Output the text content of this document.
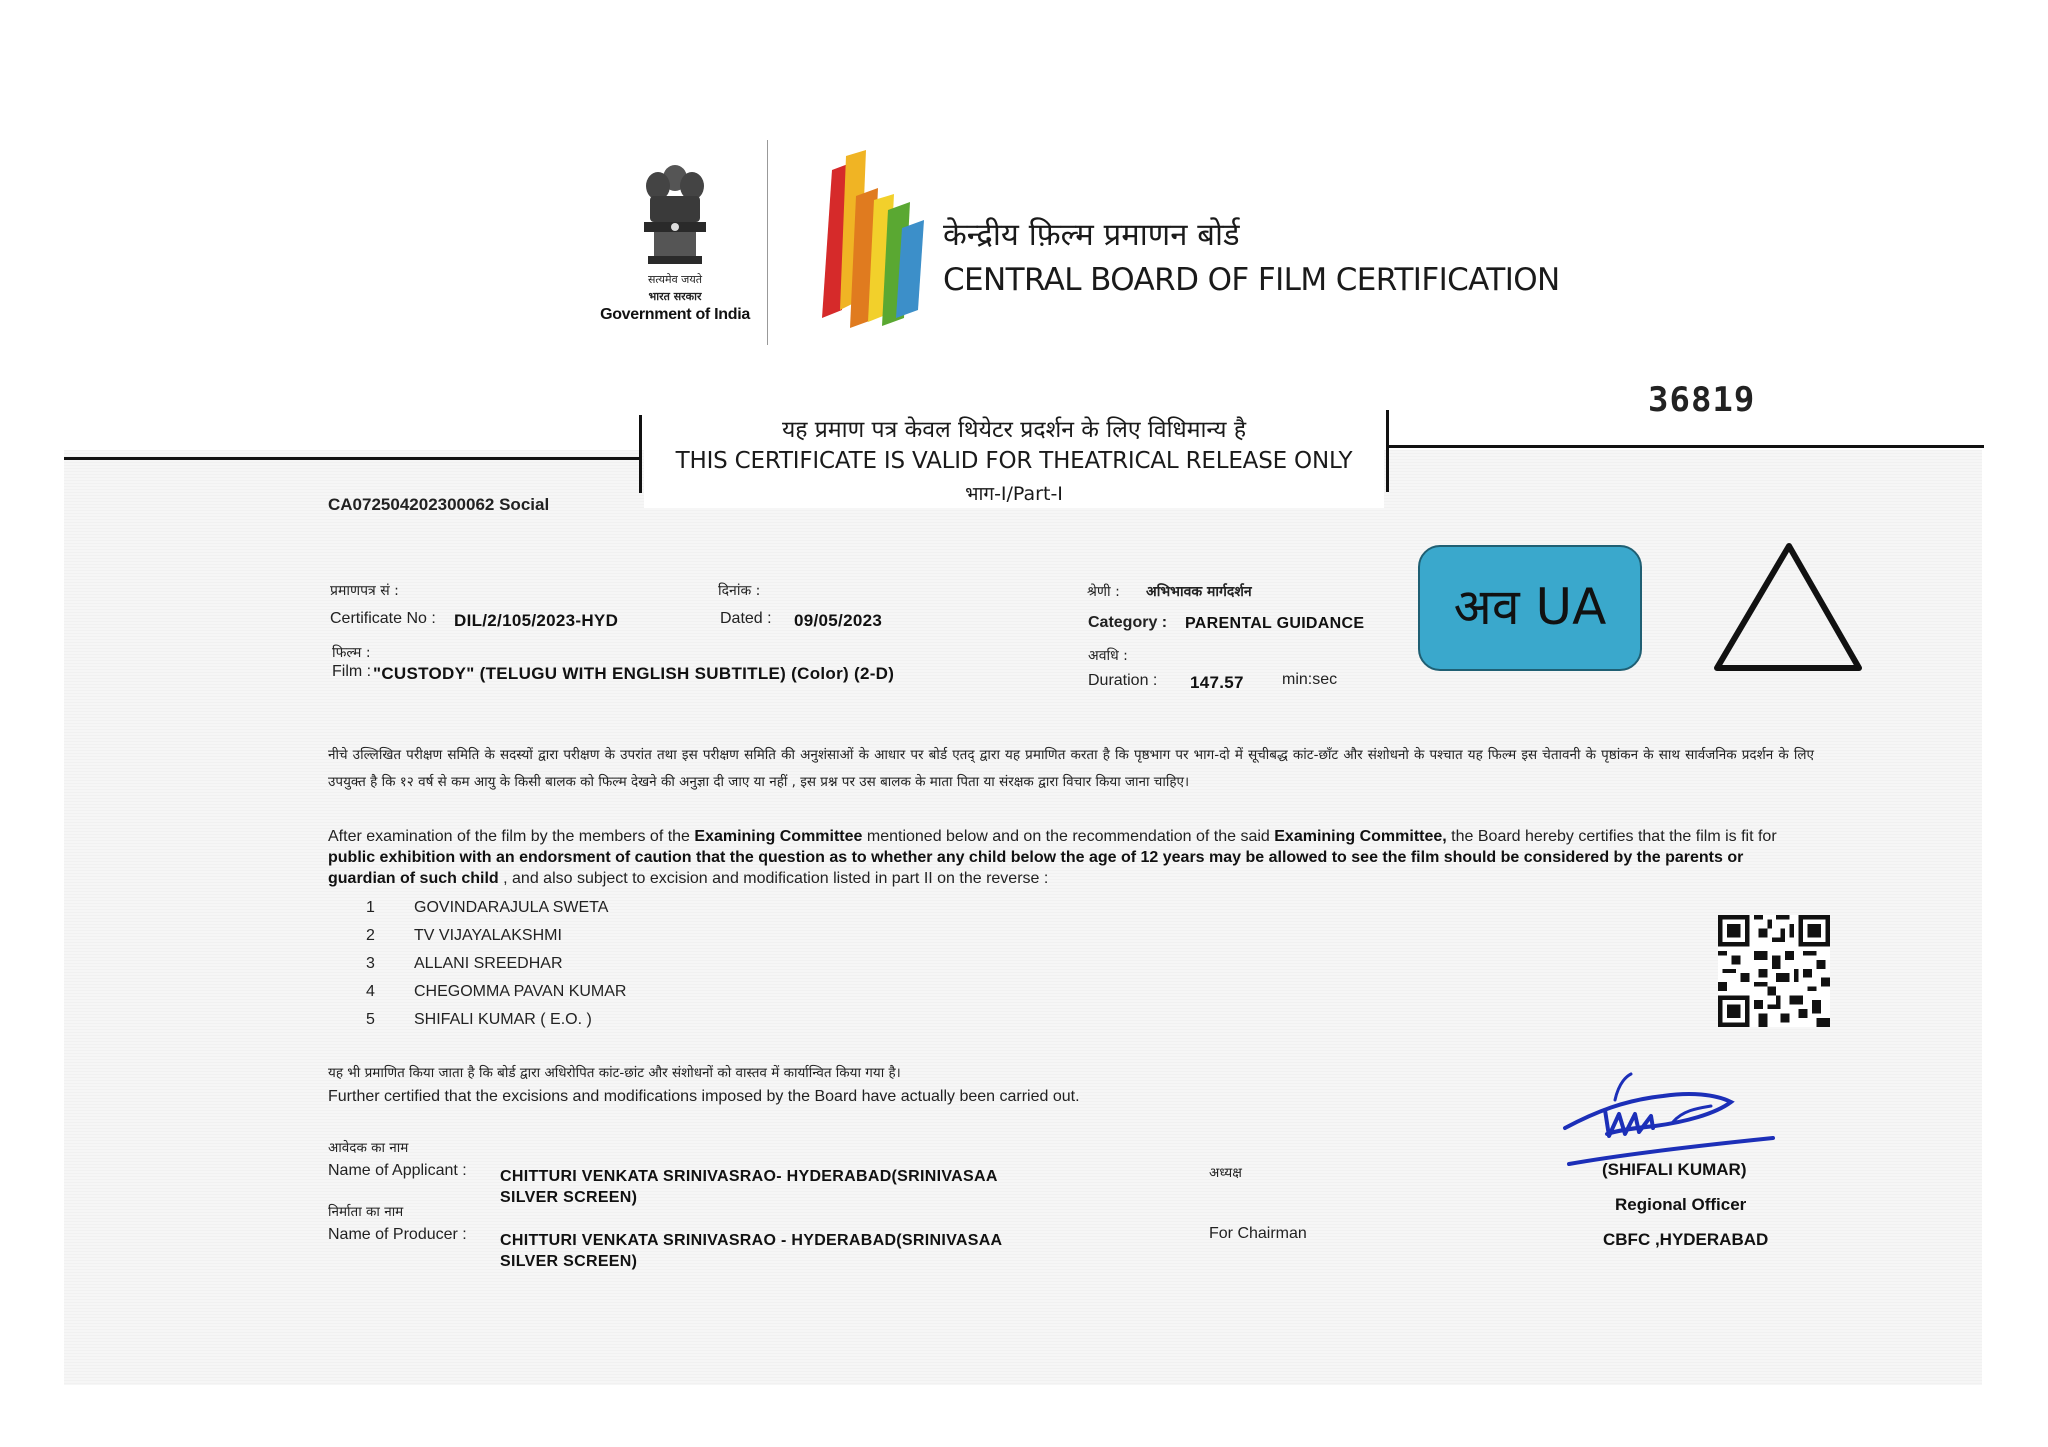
सत्यमेव जयते
भारत सरकार
Government of India
केन्द्रीय फ़िल्म प्रमाणन बोर्ड
CENTRAL BOARD OF FILM CERTIFICATION
36819
यह प्रमाण पत्र केवल थियेटर प्रदर्शन के लिए विधिमान्य है
THIS CERTIFICATE IS VALID FOR THEATRICAL RELEASE ONLY
भाग-I/Part-I
CA072504202300062 Social
प्रमाणपत्र सं :
Certificate No : DIL/2/105/2023-HYD
दिनांक :
Dated : 09/05/2023
फिल्म :
Film : "CUSTODY" (TELUGU WITH ENGLISH SUBTITLE) (Color) (2-D)
श्रेणी : अभिभावक मार्गदर्शन
Category : PARENTAL GUIDANCE
अवधि :
Duration : 147.57 min:sec
अव UA
नीचे उल्लिखित परीक्षण समिति के सदस्यों द्वारा परीक्षण के उपरांत तथा इस परीक्षण समिति की अनुशंसाओं के आधार पर बोर्ड एतद् द्वारा यह प्रमाणित करता है कि पृष्ठभाग पर भाग-दो में सूचीबद्ध कांट-छाँट और संशोधनो के पश्चात यह फिल्म इस चेतावनी के पृष्ठांकन के साथ सार्वजनिक प्रदर्शन के लिए उपयुक्त है कि १२ वर्ष से कम आयु के किसी बालक को फिल्म देखने की अनुज्ञा दी जाए या नहीं , इस प्रश्न पर उस बालक के माता पिता या संरक्षक द्वारा विचार किया जाना चाहिए।
After examination of the film by the members of the Examining Committee mentioned below and on the recommendation of the said Examining Committee, the Board hereby certifies that the film is fit for public exhibition with an endorsment of caution that the question as to whether any child below the age of 12 years may be allowed to see the film should be considered by the parents or guardian of such child , and also subject to excision and modification listed in part II on the reverse :
1 GOVINDARAJULA SWETA
2 TV VIJAYALAKSHMI
3 ALLANI SREEDHAR
4 CHEGOMMA PAVAN KUMAR
5 SHIFALI KUMAR ( E.O. )
यह भी प्रमाणित किया जाता है कि बोर्ड द्वारा अधिरोपित कांट-छांट और संशोधनों को वास्तव में कार्यान्वित किया गया है।
Further certified that the excisions and modifications imposed by the Board have actually been carried out.
आवेदक का नाम
Name of Applicant : CHITTURI VENKATA SRINIVASRAO- HYDERABAD(SRINIVASAA SILVER SCREEN)
निर्माता का नाम
Name of Producer : CHITTURI VENKATA SRINIVASRAO - HYDERABAD(SRINIVASAA SILVER SCREEN)
अध्यक्ष
For Chairman
(SHIFALI KUMAR)
Regional Officer
CBFC ,HYDERABAD
